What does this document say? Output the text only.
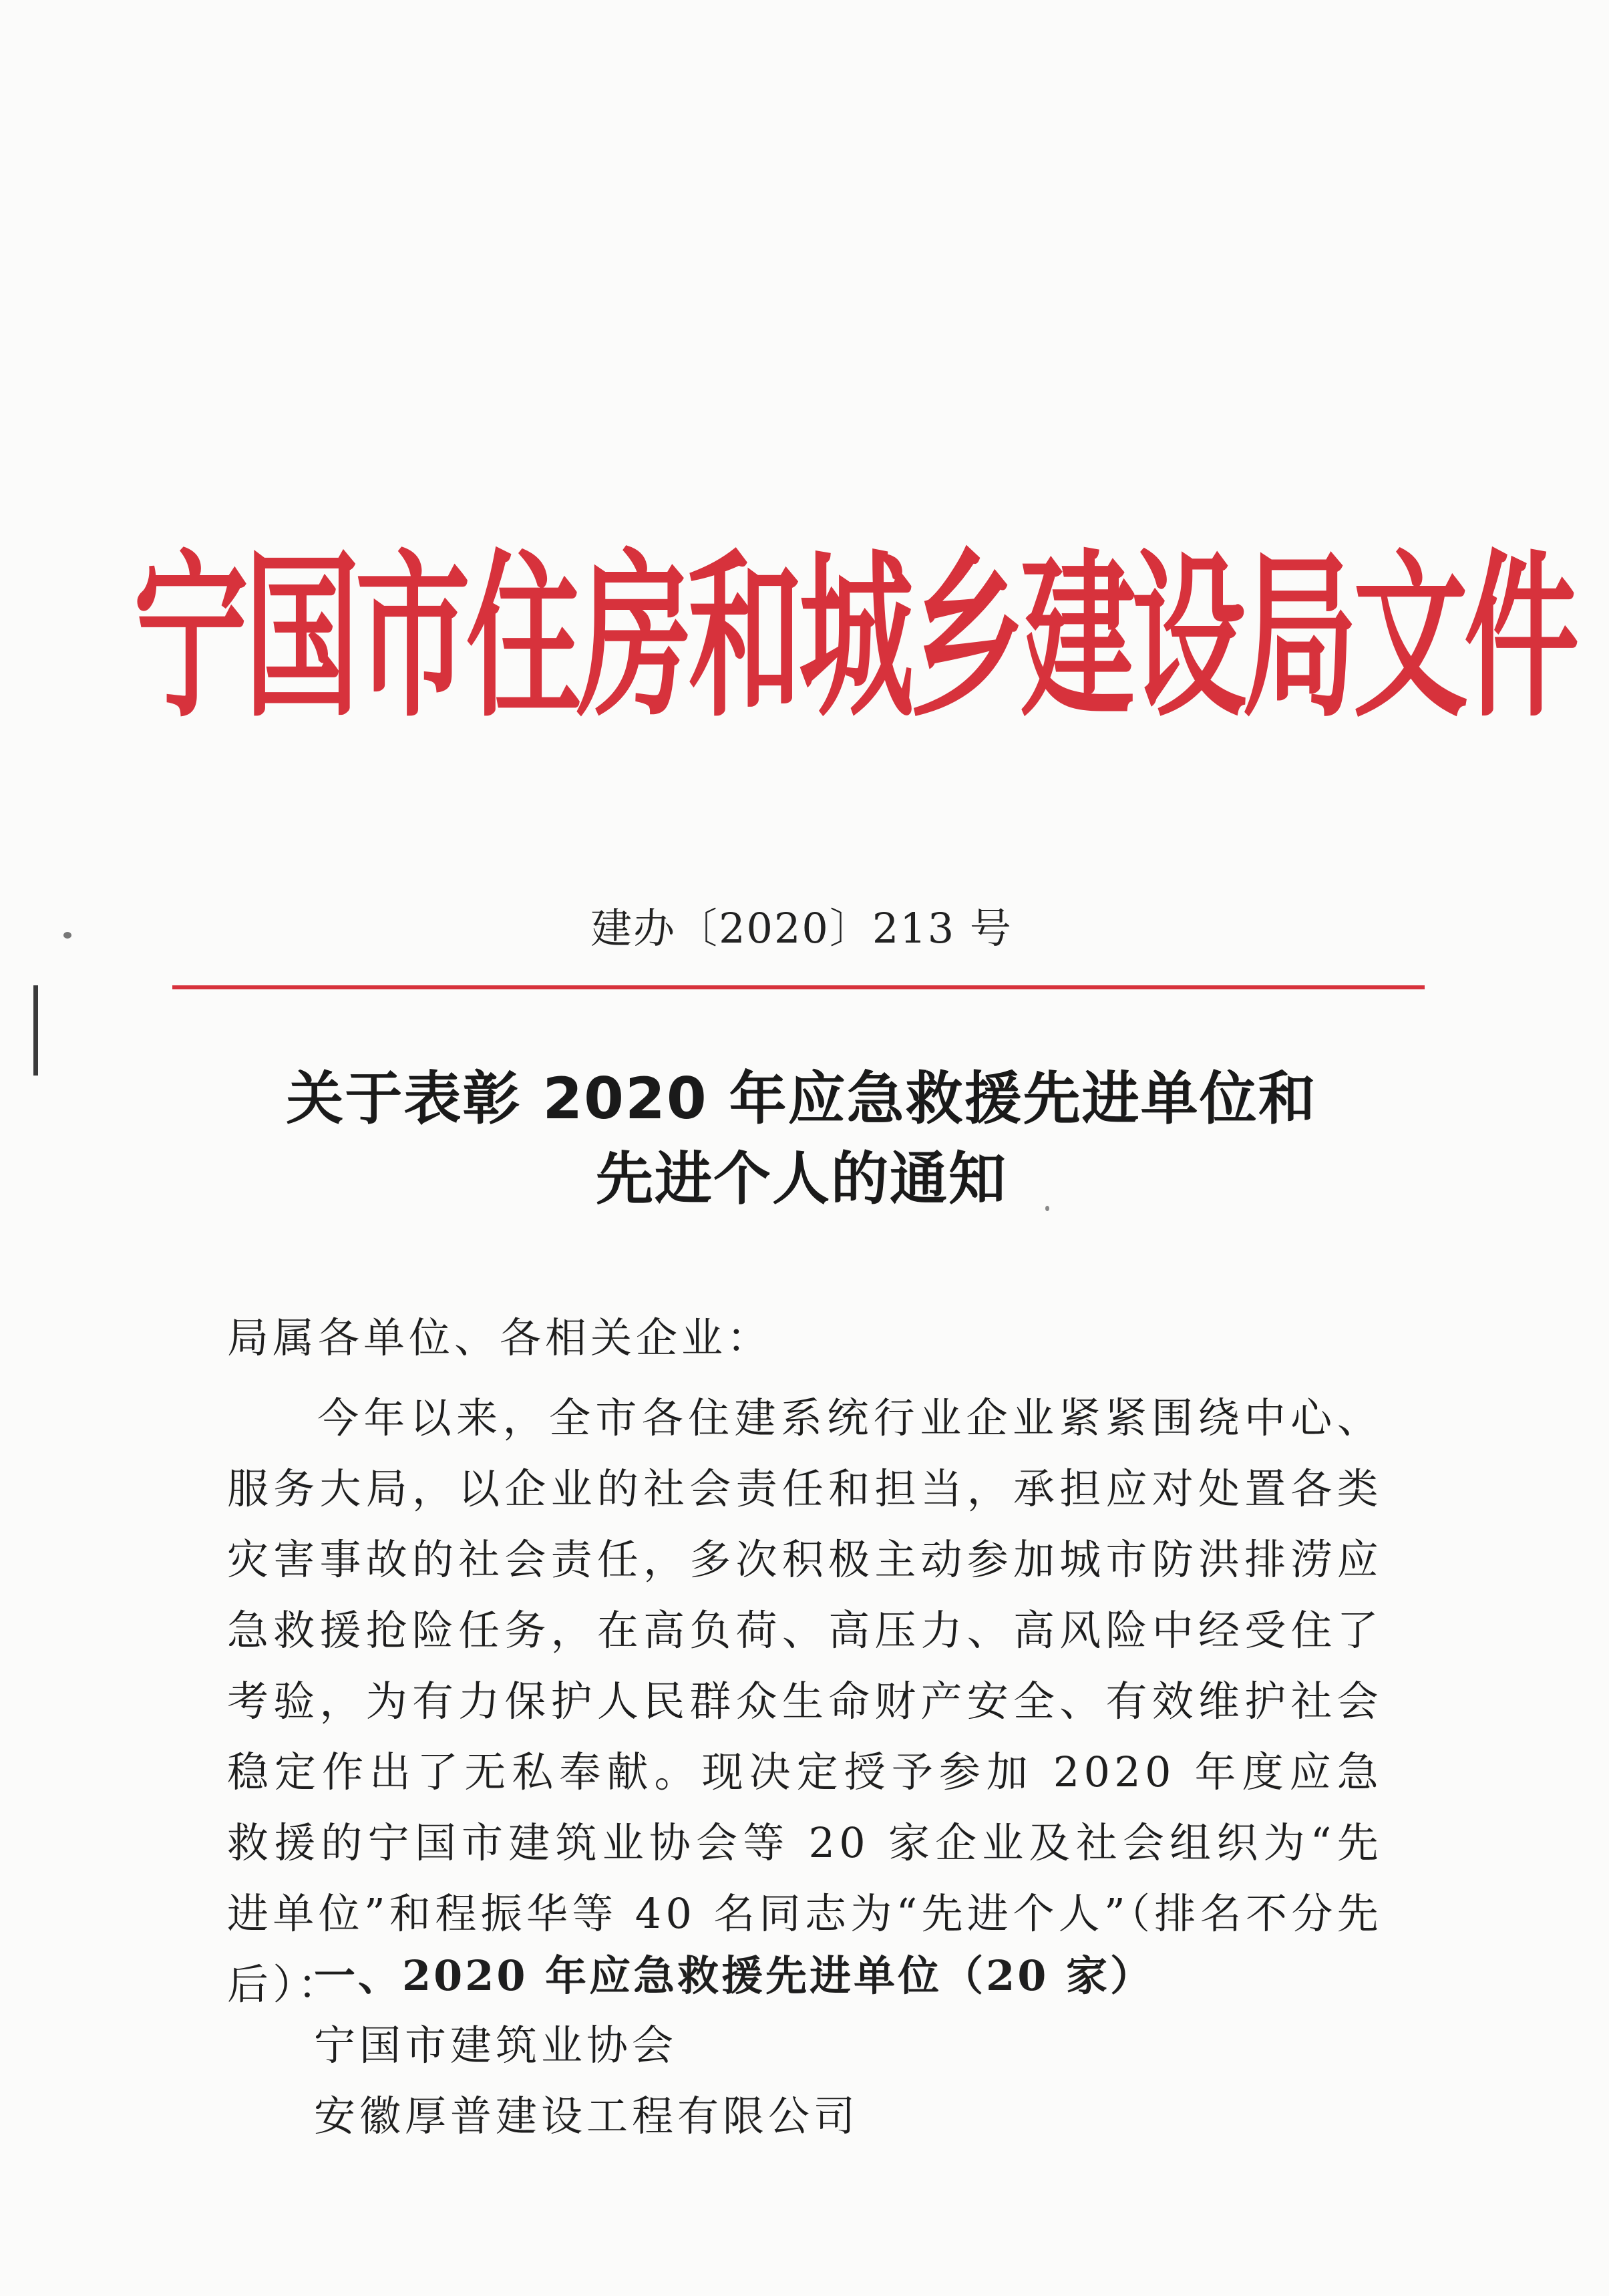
宁国市住房和城乡建设局文件
建办〔2020〕213 号
关于表彰 2020 年应急救援先进单位和
先进个人的通知
局属各单位、各相关企业：
今年以来，全市各住建系统行业企业紧紧围绕中心、服务大局，以企业的社会责任和担当，承担应对处置各类灾害事故的社会责任，多次积极主动参加城市防洪排涝应急救援抢险任务，在高负荷、高压力、高风险中经受住了考验，为有力保护人民群众生命财产安全、有效维护社会稳定作出了无私奉献。现决定授予参加 2020 年度应急救援的宁国市建筑业协会等 20 家企业及社会组织为“先进单位”和程振华等 40 名同志为“先进个人”（排名不分先后）：
一、2020 年应急救援先进单位（20 家）
宁国市建筑业协会
安徽厚普建设工程有限公司
